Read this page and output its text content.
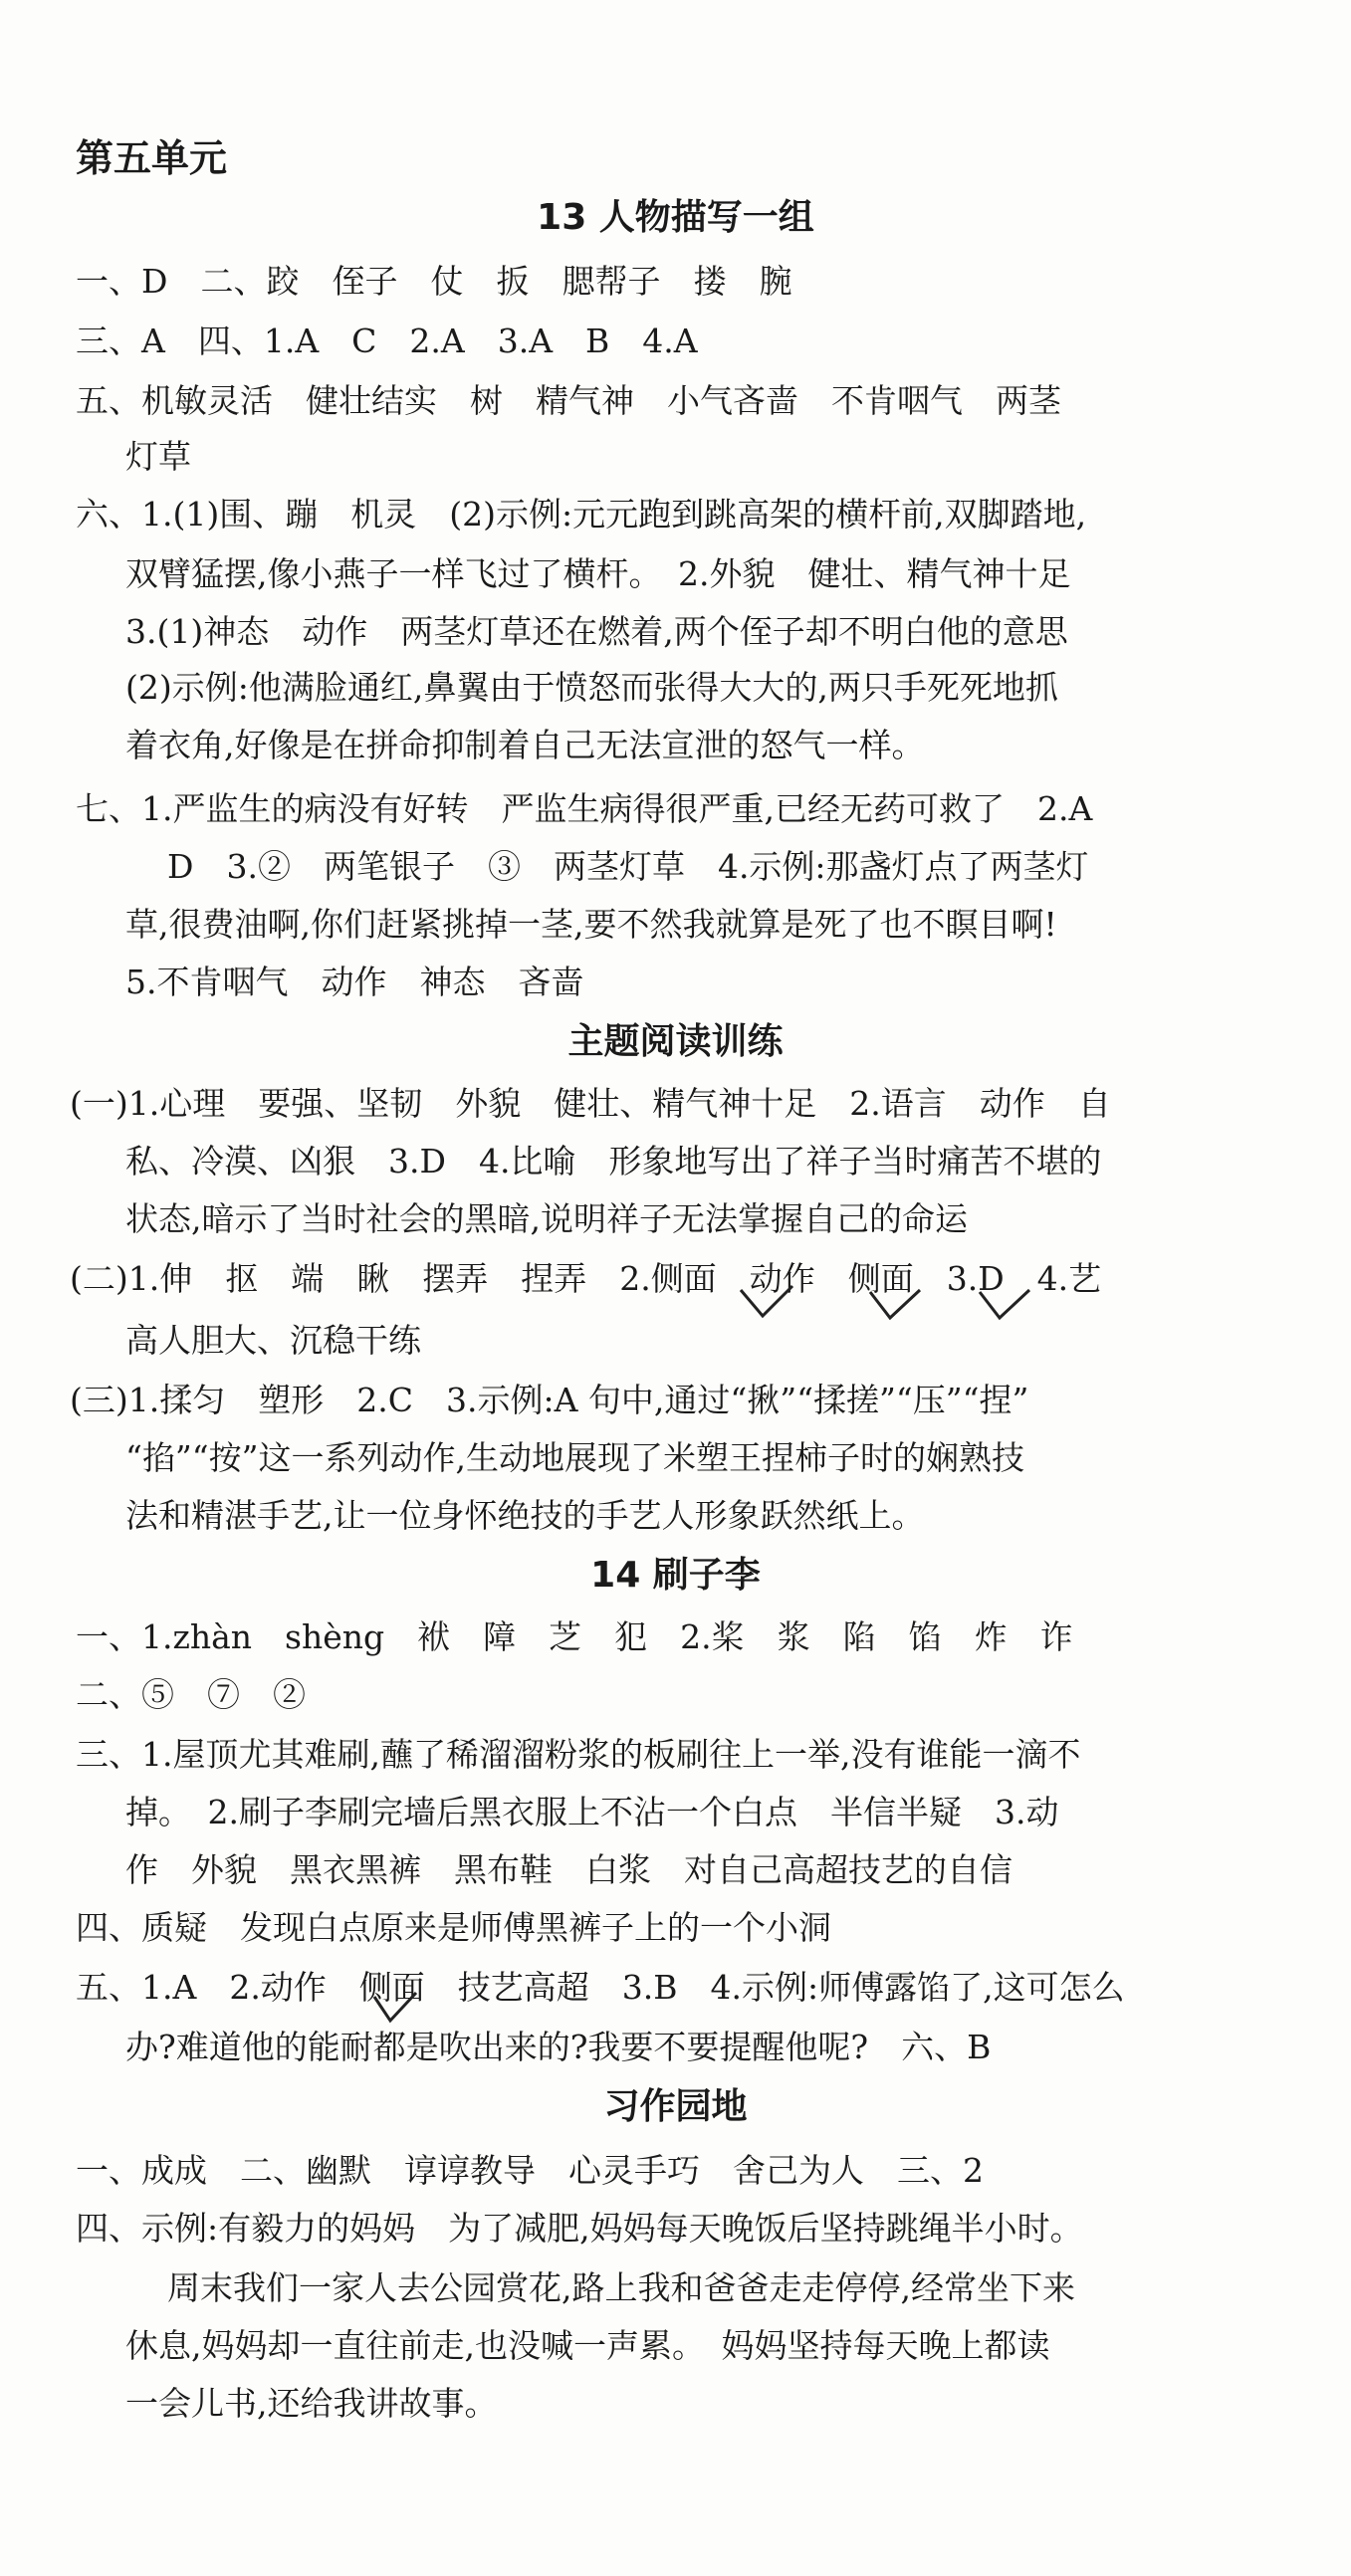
第五单元
13 人物描写一组
一、D　二、跤　侄子　仗　扳　腮帮子　搂　腕
三、A　四、1.A　C　2.A　3.A　B　4.A
五、机敏灵活　健壮结实　树　精气神　小气吝啬　不肯咽气　两茎
灯草
六、1.(1)围、蹦　机灵　(2)示例:元元跑到跳高架的横杆前,双脚踏地,
双臂猛摆,像小燕子一样飞过了横杆。　2.外貌　健壮、精气神十足
3.(1)神态　动作　两茎灯草还在燃着,两个侄子却不明白他的意思
(2)示例:他满脸通红,鼻翼由于愤怒而张得大大的,两只手死死地抓
着衣角,好像是在拼命抑制着自己无法宣泄的怒气一样。
七、1.严监生的病没有好转　严监生病得很严重,已经无药可救了　2.A
D　3.②　两笔银子　③　两茎灯草　4.示例:那盏灯点了两茎灯
草,很费油啊,你们赶紧挑掉一茎,要不然我就算是死了也不瞑目啊!
5.不肯咽气　动作　神态　吝啬
主题阅读训练
(一)1.心理　要强、坚韧　外貌　健壮、精气神十足　2.语言　动作　自
私、冷漠、凶狠　3.D　4.比喻　形象地写出了祥子当时痛苦不堪的
状态,暗示了当时社会的黑暗,说明祥子无法掌握自己的命运
(二)1.伸　抠　端　瞅　摆弄　捏弄　2.侧面　动作　侧面　3.D　4.艺
高人胆大、沉稳干练
(三)1.揉匀　塑形　2.C　3.示例:A 句中,通过“揪”“揉搓”“压”“捏”
“掐”“按”这一系列动作,生动地展现了米塑王捏柿子时的娴熟技
法和精湛手艺,让一位身怀绝技的手艺人形象跃然纸上。
14 刷子李
一、1.zhàn　shèng　袱　障　芝　犯　2.桨　浆　陷　馅　炸　诈
二、⑤　⑦　②
三、1.屋顶尤其难刷,蘸了稀溜溜粉浆的板刷往上一举,没有谁能一滴不
掉。　2.刷子李刷完墙后黑衣服上不沾一个白点　半信半疑　3.动
作　外貌　黑衣黑裤　黑布鞋　白浆　对自己高超技艺的自信
四、质疑　发现白点原来是师傅黑裤子上的一个小洞
五、1.A　2.动作　侧面　技艺高超　3.B　4.示例:师傅露馅了,这可怎么
办?难道他的能耐都是吹出来的?我要不要提醒他呢?　六、B
习作园地
一、成成　二、幽默　谆谆教导　心灵手巧　舍己为人　三、2
四、示例:有毅力的妈妈　为了减肥,妈妈每天晚饭后坚持跳绳半小时。
周末我们一家人去公园赏花,路上我和爸爸走走停停,经常坐下来
休息,妈妈却一直往前走,也没喊一声累。　妈妈坚持每天晚上都读
一会儿书,还给我讲故事。
